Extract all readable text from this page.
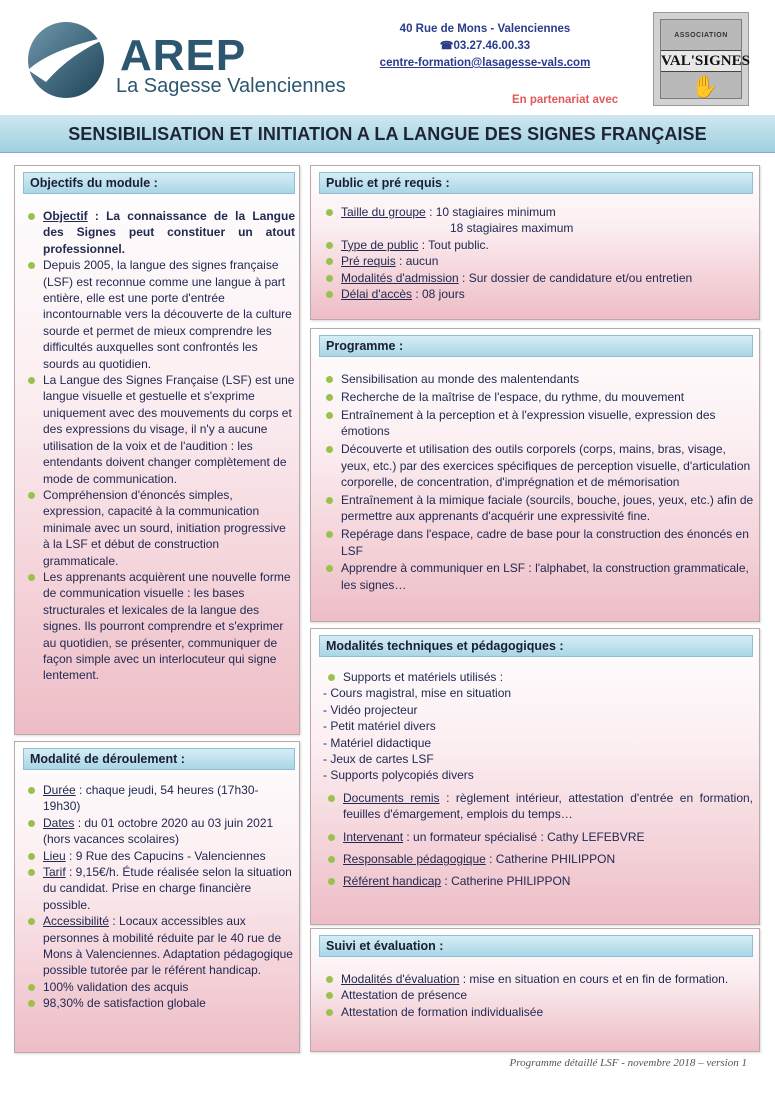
AREP
La Sagesse Valenciennes
40 Rue de Mons - Valenciennes
☎03.27.46.00.33
centre-formation@lasagesse-vals.com
En partenariat avec
ASSOCIATION
VAL'SIGNES
✋
SENSIBILISATION ET INITIATION A LA LANGUE DES SIGNES FRANÇAISE
Objectifs du module :
Objectif : La connaissance de la Langue des Signes peut constituer un atout professionnel.
Depuis 2005, la langue des signes française (LSF) est reconnue comme une langue à part entière, elle est une porte d'entrée incontournable vers la découverte de la culture sourde et permet de mieux comprendre les difficultés auxquelles sont confrontés les sourds au quotidien.
La Langue des Signes Française (LSF) est une langue visuelle et gestuelle et s'exprime uniquement avec des mouvements du corps et des expressions du visage, il n'y a aucune utilisation de la voix et de l'audition : les entendants doivent changer complètement de mode de communication.
Compréhension d'énoncés simples, expression, capacité à la communication minimale avec un sourd, initiation progressive à la LSF et début de construction grammaticale.
Les apprenants acquièrent une nouvelle forme de communication visuelle : les bases structurales et lexicales de la langue des signes. Ils pourront comprendre et s'exprimer au quotidien, se présenter, communiquer de façon simple avec un interlocuteur qui signe lentement.
Modalité de déroulement :
Durée : chaque jeudi, 54 heures (17h30-19h30)
Dates : du 01 octobre 2020 au 03 juin 2021 (hors vacances scolaires)
Lieu : 9 Rue des Capucins - Valenciennes
Tarif : 9,15€/h. Étude réalisée selon la situation du candidat. Prise en charge financière possible.
Accessibilité : Locaux accessibles aux personnes à mobilité réduite par le 40 rue de Mons à Valenciennes. Adaptation pédagogique possible tutorée par le référent handicap.
100% validation des acquis
98,30% de satisfaction globale
Public et pré requis :
Taille du groupe : 10 stagiaires minimum
18 stagiaires maximum
Type de public : Tout public.
Pré requis : aucun
Modalités d'admission : Sur dossier de candidature et/ou entretien
Délai d'accès : 08 jours
Programme :
Sensibilisation au monde des malentendants
Recherche de la maîtrise de l'espace, du rythme, du mouvement
Entraînement à la perception et à l'expression visuelle, expression des émotions
Découverte et utilisation des outils corporels (corps, mains, bras, visage, yeux, etc.) par des exercices spécifiques de perception visuelle, d'articulation corporelle, de concentration, d'imprégnation et de mémorisation
Entraînement à la mimique faciale (sourcils, bouche, joues, yeux, etc.) afin de permettre aux apprenants d'acquérir une expressivité fine.
Repérage dans l'espace, cadre de base pour la construction des énoncés en LSF
Apprendre à communiquer en LSF : l'alphabet, la construction grammaticale, les signes…
Modalités techniques et pédagogiques :
Supports et matériels utilisés :
- Cours magistral, mise en situation
- Vidéo projecteur
- Petit matériel divers
- Matériel didactique
- Jeux de cartes LSF
- Supports polycopiés divers
Documents remis : règlement intérieur, attestation d'entrée en formation, feuilles d'émargement, emplois du temps…
Intervenant : un formateur spécialisé : Cathy LEFEBVRE
Responsable pédagogique : Catherine PHILIPPON
Référent handicap : Catherine PHILIPPON
Suivi et évaluation :
Modalités d'évaluation : mise en situation en cours et en fin de formation.
Attestation de présence
Attestation de formation individualisée
Programme détaillé LSF - novembre 2018 – version 1
